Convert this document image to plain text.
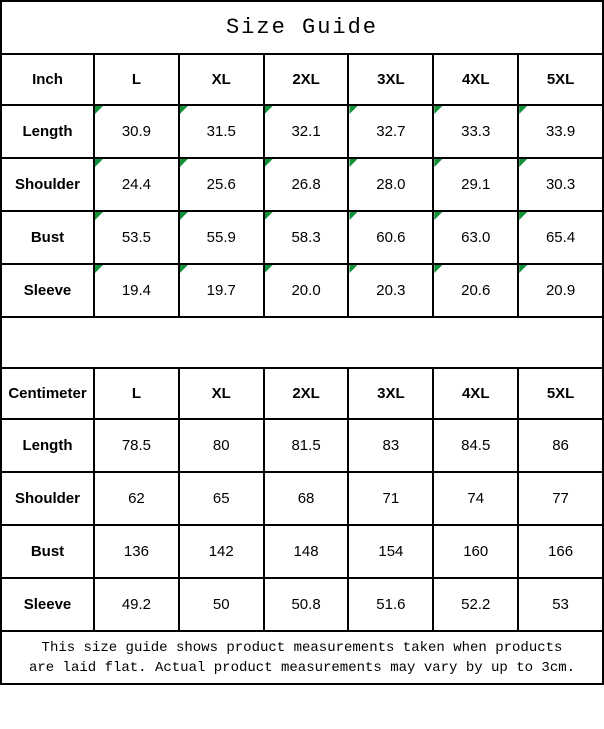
Size Guide						
Inch	L	XL	2XL	3XL	4XL	5XL
Length	30.9	31.5	32.1	32.7	33.3	33.9
Shoulder	24.4	25.6	26.8	28.0	29.1	30.3
Bust	53.5	55.9	58.3	60.6	63.0	65.4
Sleeve	19.4	19.7	20.0	20.3	20.6	20.9

Centimeter	L	XL	2XL	3XL	4XL	5XL
Length	78.5	80	81.5	83	84.5	86
Shoulder	62	65	68	71	74	77
Bust	136	142	148	154	160	166
Sleeve	49.2	50	50.8	51.6	52.2	53

This size guide shows product measurements taken when products
are laid flat. Actual product measurements may vary by up to 3cm.						
